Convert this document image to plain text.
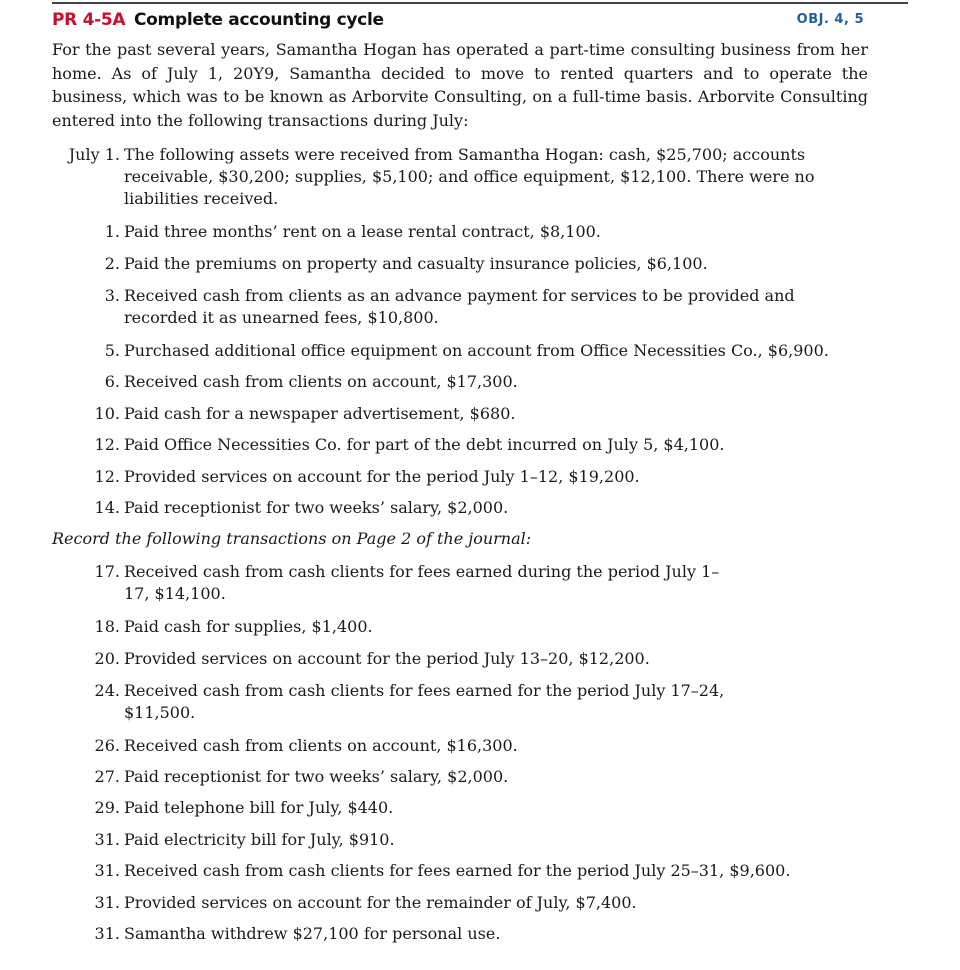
PR 4-5A Complete accounting cycle	OBJ. 4, 5

For the past several years, Samantha Hogan has operated a part-time consulting business from her home. As of July 1, 20Y9, Samantha decided to move to rented quarters and to operate the business, which was to be known as Arborvite Consulting, on a full-time basis. Arborvite Consulting entered into the following transactions during July:

July 1. The following assets were received from Samantha Hogan: cash, $25,700; accounts receivable, $30,200; supplies, $5,100; and office equipment, $12,100. There were no liabilities received.
1. Paid three months’ rent on a lease rental contract, $8,100.
2. Paid the premiums on property and casualty insurance policies, $6,100.
3. Received cash from clients as an advance payment for services to be provided and recorded it as unearned fees, $10,800.
5. Purchased additional office equipment on account from Office Necessities Co., $6,900.
6. Received cash from clients on account, $17,300.
10. Paid cash for a newspaper advertisement, $680.
12. Paid Office Necessities Co. for part of the debt incurred on July 5, $4,100.
12. Provided services on account for the period July 1–12, $19,200.
14. Paid receptionist for two weeks’ salary, $2,000.

Record the following transactions on Page 2 of the journal:

17. Received cash from cash clients for fees earned during the period July 1–17, $14,100.
18. Paid cash for supplies, $1,400.
20. Provided services on account for the period July 13–20, $12,200.
24. Received cash from cash clients for fees earned for the period July 17–24, $11,500.
26. Received cash from clients on account, $16,300.
27. Paid receptionist for two weeks’ salary, $2,000.
29. Paid telephone bill for July, $440.
31. Paid electricity bill for July, $910.
31. Received cash from cash clients for fees earned for the period July 25–31, $9,600.
31. Provided services on account for the remainder of July, $7,400.
31. Samantha withdrew $27,100 for personal use.
